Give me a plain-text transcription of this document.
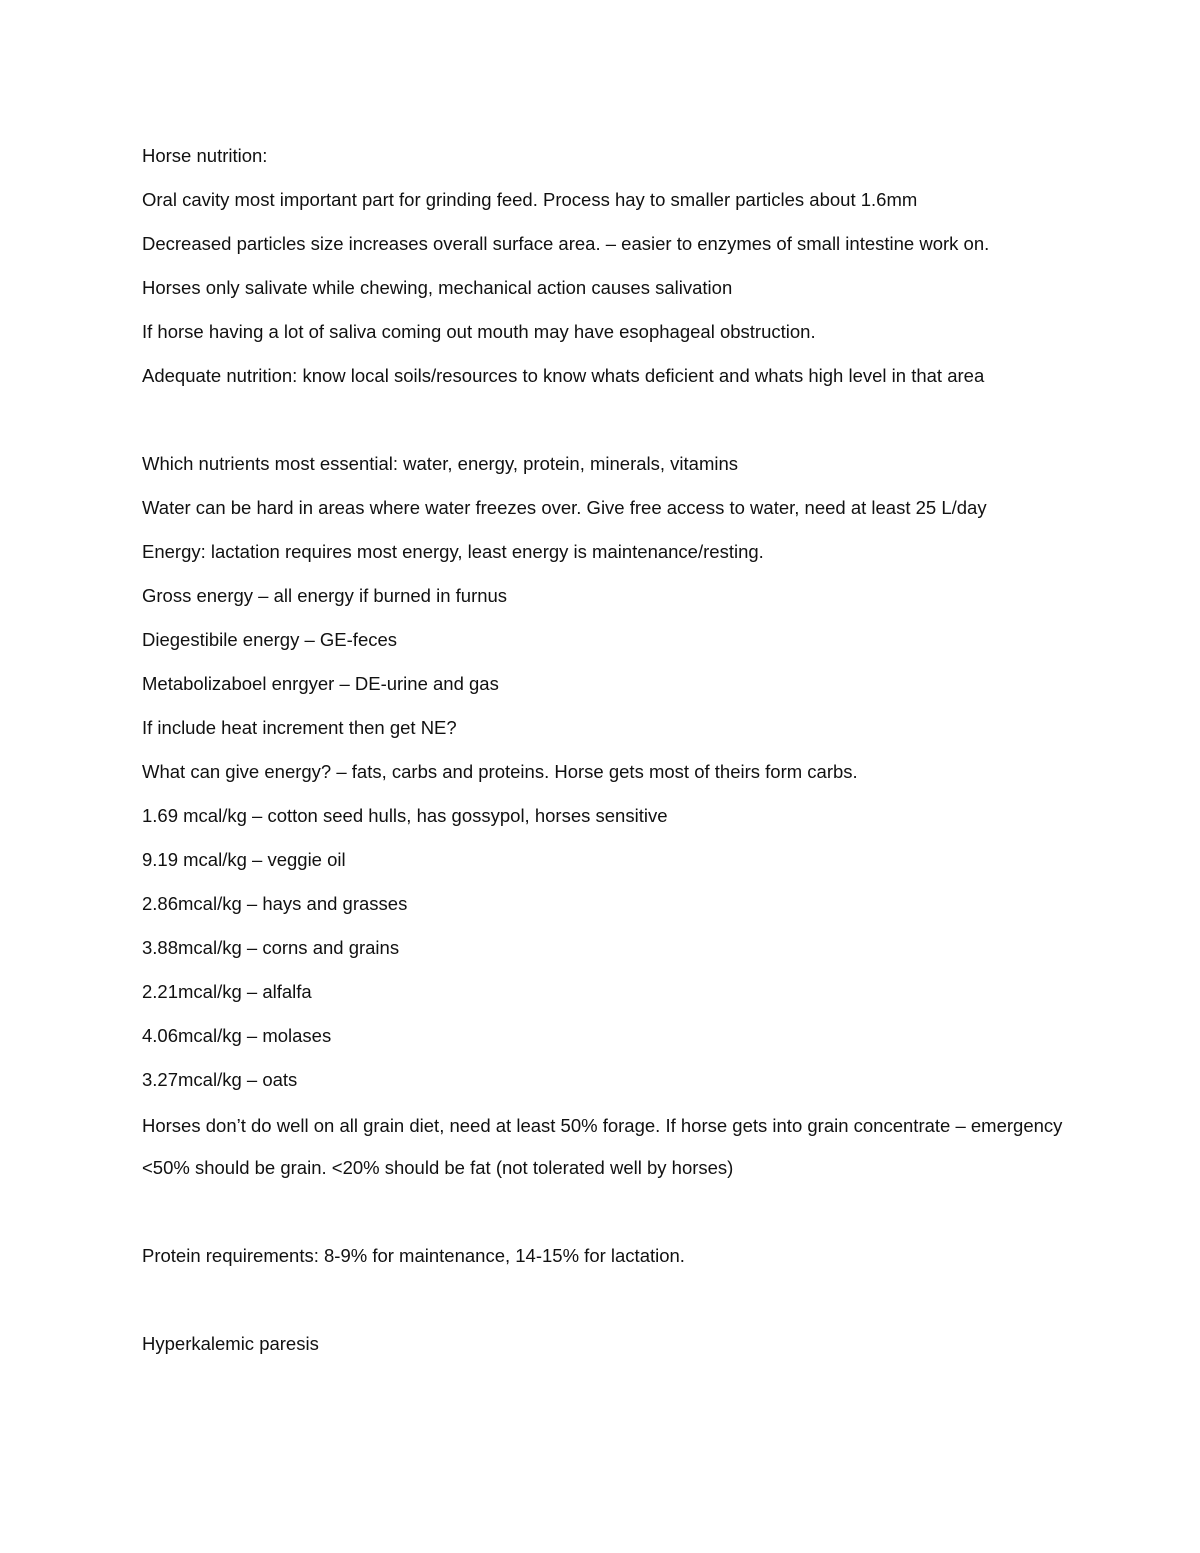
Horse nutrition:
Oral cavity most important part for grinding feed. Process hay to smaller particles about 1.6mm
Decreased particles size increases overall surface area. – easier to enzymes of small intestine work on.
Horses only salivate while chewing, mechanical action causes salivation
If horse having a lot of saliva coming out mouth may have esophageal obstruction.
Adequate nutrition: know local soils/resources to know whats deficient and whats high level in that area
Which nutrients most essential: water, energy, protein, minerals, vitamins
Water can be hard in areas where water freezes over. Give free access to water, need at least 25 L/day
Energy: lactation requires most energy, least energy is maintenance/resting.
Gross energy – all energy if burned in furnus
Diegestibile energy – GE-feces
Metabolizaboel enrgyer – DE-urine and gas
If include heat increment then get NE?
What can give energy? – fats, carbs and proteins. Horse gets most of theirs form carbs.
1.69 mcal/kg – cotton seed hulls, has gossypol, horses sensitive
9.19 mcal/kg – veggie oil
2.86mcal/kg – hays and grasses
3.88mcal/kg – corns and grains
2.21mcal/kg – alfalfa
4.06mcal/kg – molases
3.27mcal/kg – oats
Horses don’t do well on all grain diet, need at least 50% forage. If horse gets into grain concentrate – emergency
<50% should be grain. <20% should be fat (not tolerated well by horses)
Protein requirements: 8-9% for maintenance, 14-15% for lactation.
Hyperkalemic paresis
